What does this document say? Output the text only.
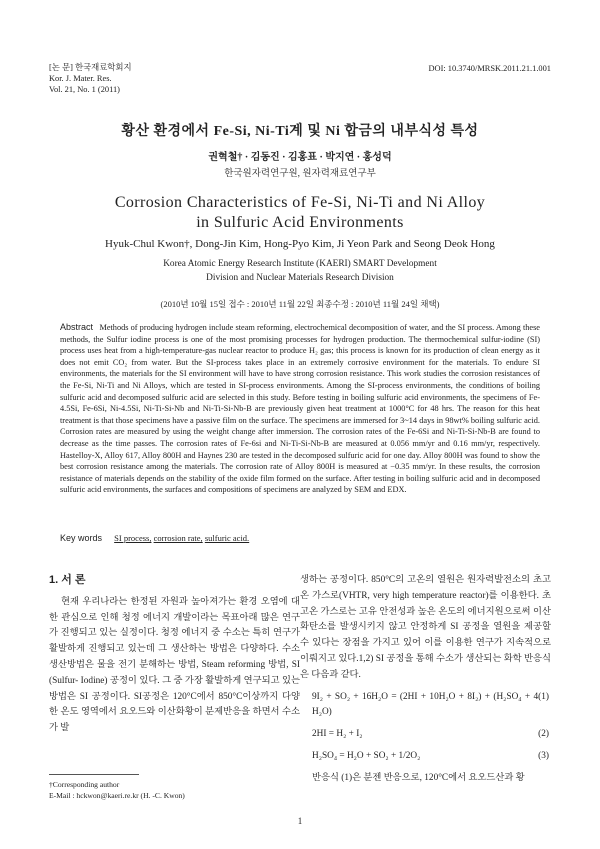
[논 문] 한국재료학회지
Kor. J. Mater. Res.
Vol. 21, No. 1 (2011)
DOI: 10.3740/MRSK.2011.21.1.001
황산 환경에서 Fe-Si, Ni-Ti계 및 Ni 합금의 내부식성 특성
권혁철† · 김동진 · 김홍표 · 박지연 · 홍성덕
한국원자력연구원, 원자력재료연구부
Corrosion Characteristics of Fe-Si, Ni-Ti and Ni Alloy
in Sulfuric Acid Environments
Hyuk-Chul Kwon†, Dong-Jin Kim, Hong-Pyo Kim, Ji Yeon Park and Seong Deok Hong
Korea Atomic Energy Research Institute (KAERI) SMART Development
Division and Nuclear Materials Research Division
(2010년 10월 15일 접수 : 2010년 11월 22일 최종수정 : 2010년 11월 24일 채택)
Abstract Methods of producing hydrogen include steam reforming, electrochemical decomposition of water, and the SI process. Among these methods, the Sulfur iodine process is one of the most promising processes for hydrogen production. The thermochemical sulfur-iodine (SI) process uses heat from a high-temperature-gas nuclear reactor to produce H₂ gas; this process is known for its production of clean energy as it does not emit CO₂ from water. But the SI-process takes place in an extremely corrosive environment for the materials. To endure SI environments, the materials for the SI environment will have to have strong corrosion resistance. This work studies the corrosion resistances of the Fe-Si, Ni-Ti and Ni Alloys, which are tested in SI-process environments. Among the SI-process environments, the conditions of boiling sulfuric acid and decomposed sulfuric acid are selected in this study. Before testing in boiling sulfuric acid environments, the specimens of Fe-4.5Si, Fe-6Si, Ni-4.5Si, Ni-Ti-Si-Nb and Ni-Ti-Si-Nb-B are previously given heat treatment at 1000°C for 48 hrs. The reason for this heat treatment is that those specimens have a passive film on the surface. The specimens are immersed for 3~14 days in 98wt% boiling sulfuric acid. Corrosion rates are measured by using the weight change after immersion. The corrosion rates of the Fe-6Si and Ni-Ti-Si-Nb-B are found to decrease as the time passes. The corrosion rates of Fe-6si and Ni-Ti-Si-Nb-B are measured at 0.056 mm/yr and 0.16 mm/yr, respectively. Hastelloy-X, Alloy 617, Alloy 800H and Haynes 230 are tested in the decomposed sulfuric acid for one day. Alloy 800H was found to show the best corrosion resistance among the materials. The corrosion rate of Alloy 800H is measured at −0.35 mm/yr. In these results, the corrosion resistance of materials depends on the stability of the oxide film formed on the surface. After testing in boiling sulfuric acid and in decomposed sulfuric acid environments, the surfaces and compositions of specimens are analyzed by SEM and EDX.
Key words SI process, corrosion rate, sulfuric acid.
1. 서 론

현재 우리나라는 한정된 자원과 높아져가는 환경 오염에 대한 관심으로 인해 청정 에너지 개발이라는 목표아래 많은 연구가 진행되고 있는 실정이다. 청정 에너지 중 수소는 특히 연구가 활발하게 진행되고 있는데 그 생산하는 방법은 다양하다. 수소 생산방법은 물을 전기 분해하는 방법, Steam reforming 방법, SI (Sulfur- Iodine) 공정이 있다. 그 중 가장 활발하게 연구되고 있는 방법은 SI 공정이다. SI공정은 120°C에서 850°C이상까지 다양한 온도 영역에서 요오드와 이산화황이 분제반응을 하면서 수소가 발

생하는 공정이다. 850°C의 고온의 열원은 원자력발전소의 초고온 가스로(VHTR, very high temperature reactor)를 이용한다. 초고온 가스로는 고유 안전성과 높은 온도의 에너지원으로써 이산화탄소를 발생시키지 않고 안정하게 SI 공정을 열원을 제공할 수 있다는 장점을 가지고 있어 이를 이용한 연구가 지속적으로 이뤄지고 있다.1,2) SI 공정을 통해 수소가 생산되는 화학 반응식은 다음과 같다.

9I₂ + SO₂ + 16H₂O = (2HI + 10H₂O + 8I₂) + (H₂SO₄ + 4 H₂O)
(1)
2HI = H₂ + I₂	(2)
H₂SO₄ = H₂O + SO₂ + 1/2O₂	(3)

반응식 (1)은 분젠 반응으로, 120°C에서 요오드산과 황

†Corresponding author
E-Mail : hckwon@kaeri.re.kr (H. -C. Kwon)
1
